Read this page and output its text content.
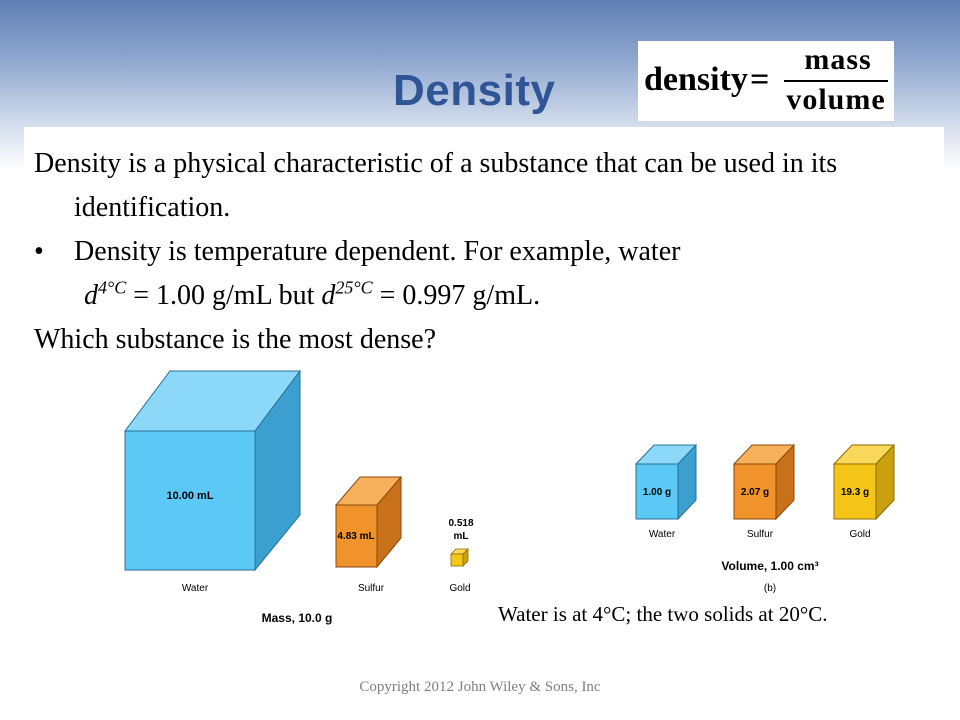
Density	density =
mass
volume

Density is a physical characteristic of a substance that can be used in its identification.

• Density is temperature dependent. For example, water
$d^{4^\circ C} = 1.00$ g/mL but $d^{25^\circ C} = 0.997$ g/mL.

Which substance is the most dense?

10.00 mL
4.83 mL
0.518
mL
Water	Sulfur	Gold
Mass, 10.0 g
1.00 g	2.07 g	19.3 g
Water	Sulfur	Gold
Volume, 1.00 cm³
(b)
Water is at 4°C; the two solids at 20°C.
Copyright 2012 John Wiley & Sons, Inc
